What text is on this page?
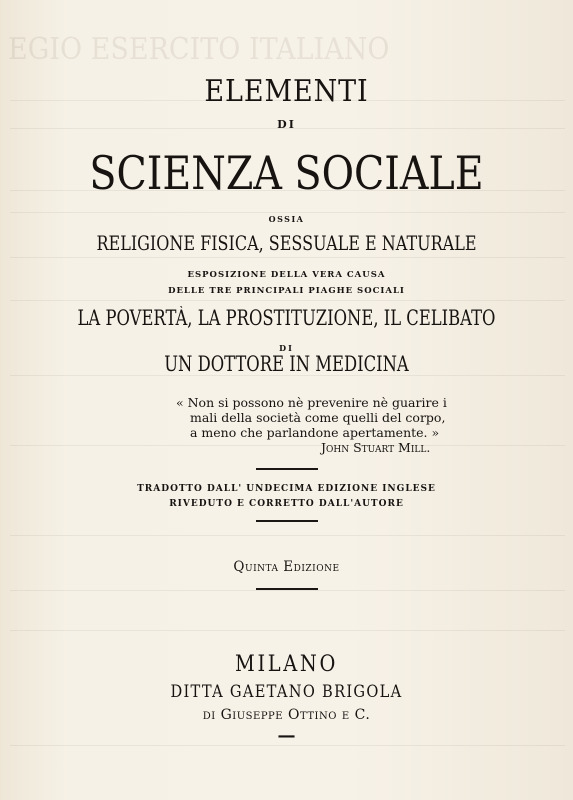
EGIO ESERCITO ITALIANO
ELEMENTI
DI
SCIENZA SOCIALE
OSSIA
RELIGIONE FISICA, SESSUALE E NATURALE
ESPOSIZIONE DELLA VERA CAUSA
DELLE TRE PRINCIPALI PIAGHE SOCIALI
LA POVERTÀ, LA PROSTITUZIONE, IL CELIBATO
DI
UN DOTTORE IN MEDICINA
« Non si possono nè prevenire nè guarire i
mali della società come quelli del corpo,
a meno che parlandone apertamente. »
John Stuart Mill.
TRADOTTO DALL' UNDECIMA EDIZIONE INGLESE
RIVEDUTO E CORRETTO DALL'AUTORE
Quinta Edizione
MILANO
DITTA GAETANO BRIGOLA
di Giuseppe Ottino e C.
—
